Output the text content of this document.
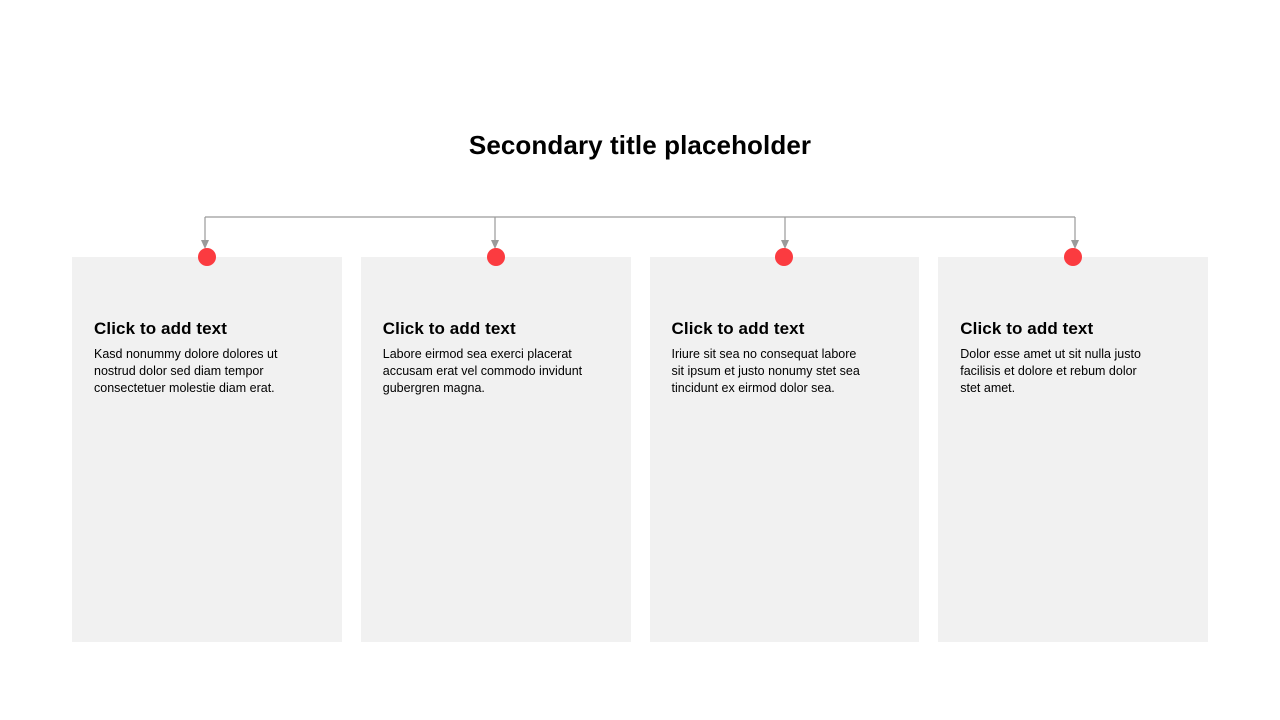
Secondary title placeholder
Click to add text

Kasd nonummy dolore dolores ut nostrud dolor sed diam tempor consectetuer molestie diam erat.

Click to add text

Labore eirmod sea exerci placerat accusam erat vel commodo invidunt gubergren magna.

Click to add text

Iriure sit sea no consequat labore sit ipsum et justo nonumy stet sea tincidunt ex eirmod dolor sea.

Click to add text

Dolor esse amet ut sit nulla justo facilisis et dolore et rebum dolor stet amet.
